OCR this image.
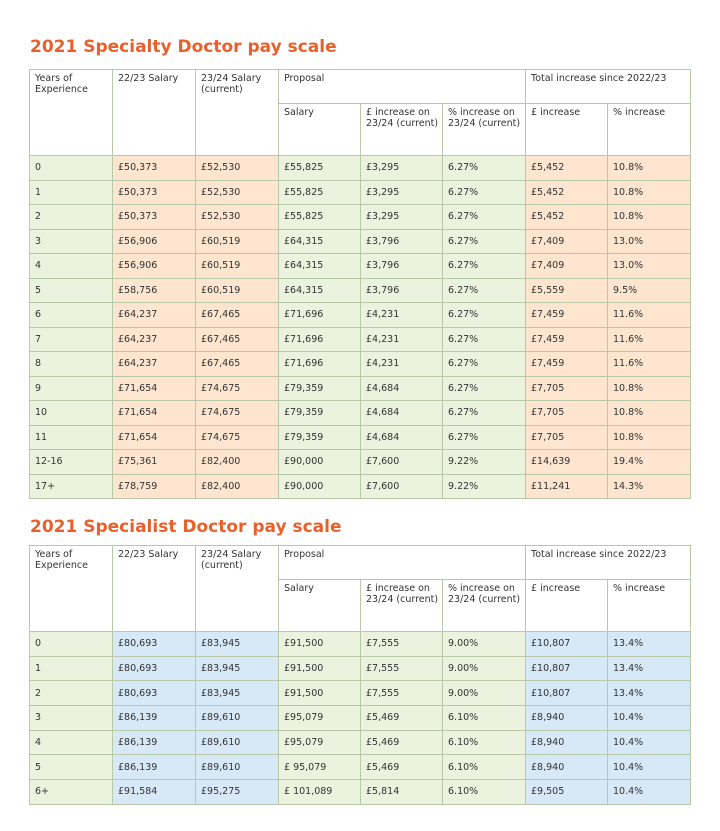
2021 Specialty Doctor pay scale
Years of Experience	22/23 Salary	23/24 Salary (current)	Proposal			Total increase since 2022/23	
			Salary	£ increase on 23/24 (current)	% increase on 23/24 (current)	£ increase	% increase
0	£50,373	£52,530	£55,825	£3,295	6.27%	£5,452	10.8%
1	£50,373	£52,530	£55,825	£3,295	6.27%	£5,452	10.8%
2	£50,373	£52,530	£55,825	£3,295	6.27%	£5,452	10.8%
3	£56,906	£60,519	£64,315	£3,796	6.27%	£7,409	13.0%
4	£56,906	£60,519	£64,315	£3,796	6.27%	£7,409	13.0%
5	£58,756	£60,519	£64,315	£3,796	6.27%	£5,559	9.5%
6	£64,237	£67,465	£71,696	£4,231	6.27%	£7,459	11.6%
7	£64,237	£67,465	£71,696	£4,231	6.27%	£7,459	11.6%
8	£64,237	£67,465	£71,696	£4,231	6.27%	£7,459	11.6%
9	£71,654	£74,675	£79,359	£4,684	6.27%	£7,705	10.8%
10	£71,654	£74,675	£79,359	£4,684	6.27%	£7,705	10.8%
11	£71,654	£74,675	£79,359	£4,684	6.27%	£7,705	10.8%
12-16	£75,361	£82,400	£90,000	£7,600	9.22%	£14,639	19.4%
17+	£78,759	£82,400	£90,000	£7,600	9.22%	£11,241	14.3%
2021 Specialist Doctor pay scale
Years of Experience	22/23 Salary	23/24 Salary (current)	Proposal			Total increase since 2022/23	
			Salary	£ increase on 23/24 (current)	% increase on 23/24 (current)	£ increase	% increase
0	£80,693	£83,945	£91,500	£7,555	9.00%	£10,807	13.4%
1	£80,693	£83,945	£91,500	£7,555	9.00%	£10,807	13.4%
2	£80,693	£83,945	£91,500	£7,555	9.00%	£10,807	13.4%
3	£86,139	£89,610	£95,079	£5,469	6.10%	£8,940	10.4%
4	£86,139	£89,610	£95,079	£5,469	6.10%	£8,940	10.4%
5	£86,139	£89,610	£ 95,079	£5,469	6.10%	£8,940	10.4%
6+	£91,584	£95,275	£ 101,089	£5,814	6.10%	£9,505	10.4%
